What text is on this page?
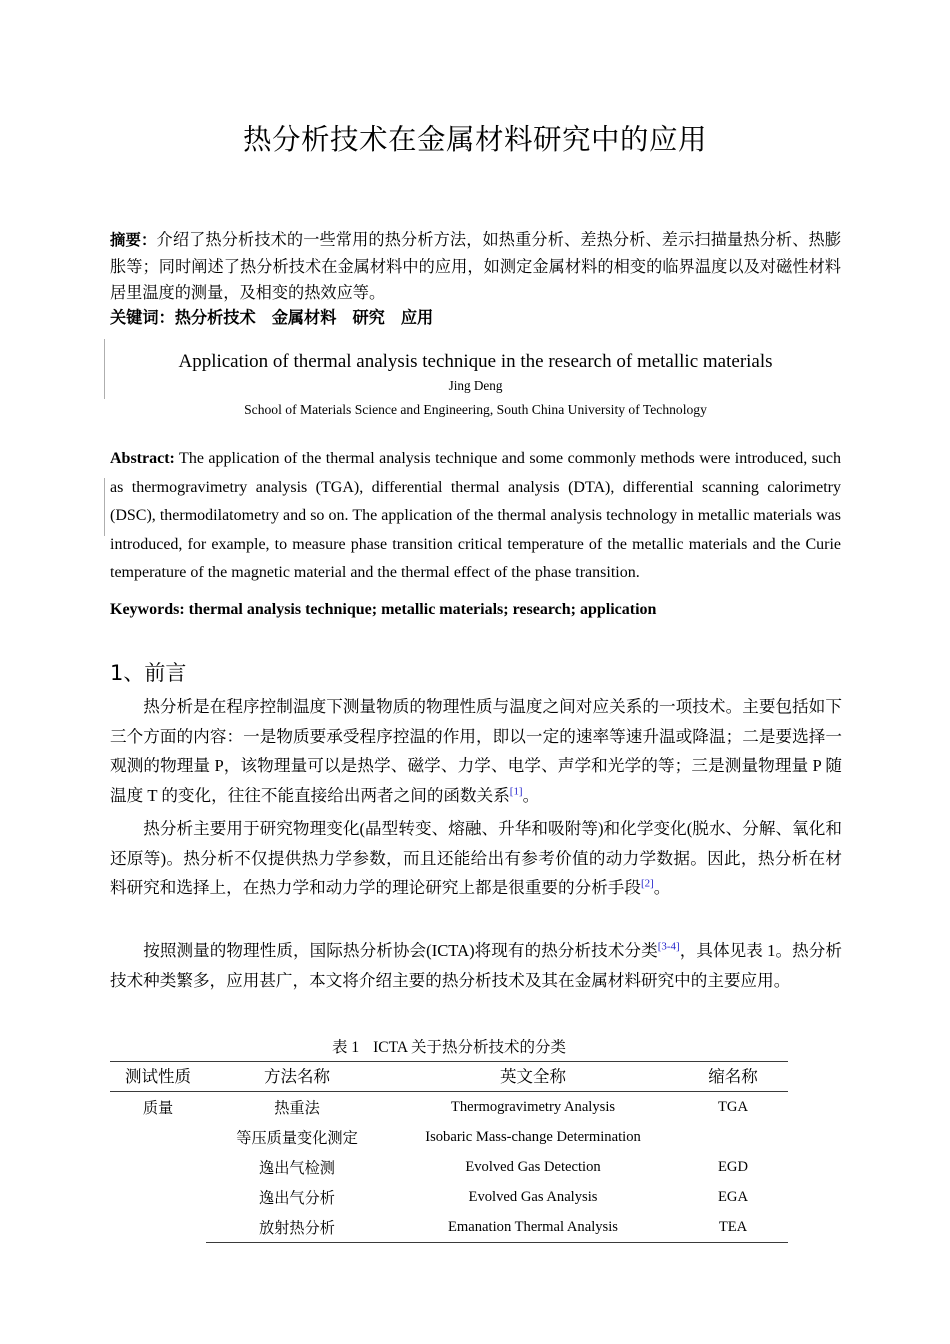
热分析技术在金属材料研究中的应用
摘要：介绍了热分析技术的一些常用的热分析方法，如热重分析、差热分析、差示扫描量热分析、热膨胀等；同时阐述了热分析技术在金属材料中的应用，如测定金属材料的相变的临界温度以及对磁性材料居里温度的测量，及相变的热效应等。
关键词：热分析技术 金属材料 研究 应用
Application of thermal analysis technique in the research of metallic materials
Jing Deng
School of Materials Science and Engineering, South China University of Technology
Abstract: The application of the thermal analysis technique and some commonly methods were introduced, such as thermogravimetry analysis (TGA), differential thermal analysis (DTA), differential scanning calorimetry (DSC), thermodilatometry and so on. The application of the thermal analysis technology in metallic materials was introduced, for example, to measure phase transition critical temperature of the metallic materials and the Curie temperature of the magnetic material and the thermal effect of the phase transition.
Keywords: thermal analysis technique; metallic materials; research; application
1、前言
热分析是在程序控制温度下测量物质的物理性质与温度之间对应关系的一项技术。主要包括如下三个方面的内容：一是物质要承受程序控温的作用，即以一定的速率等速升温或降温；二是要选择一观测的物理量 P，该物理量可以是热学、磁学、力学、电学、声学和光学的等；三是测量物理量 P 随温度 T 的变化，往往不能直接给出两者之间的函数关系[1]。
热分析主要用于研究物理变化(晶型转变、熔融、升华和吸附等)和化学变化(脱水、分解、氧化和还原等)。热分析不仅提供热力学参数，而且还能给出有参考价值的动力学数据。因此，热分析在材料研究和选择上，在热力学和动力学的理论研究上都是很重要的分析手段[2]。
按照测量的物理性质，国际热分析协会(ICTA)将现有的热分析技术分类[3-4]，具体见表 1。热分析技术种类繁多，应用甚广，本文将介绍主要的热分析技术及其在金属材料研究中的主要应用。
表 1 ICTA 关于热分析技术的分类
测试性质	方法名称	英文全称	缩名称
质量	热重法	Thermogravimetry Analysis	TGA
	等压质量变化测定	Isobaric Mass-change Determination	
	逸出气检测	Evolved Gas Detection	EGD
	逸出气分析	Evolved Gas Analysis	EGA
	放射热分析	Emanation Thermal Analysis	TEA
